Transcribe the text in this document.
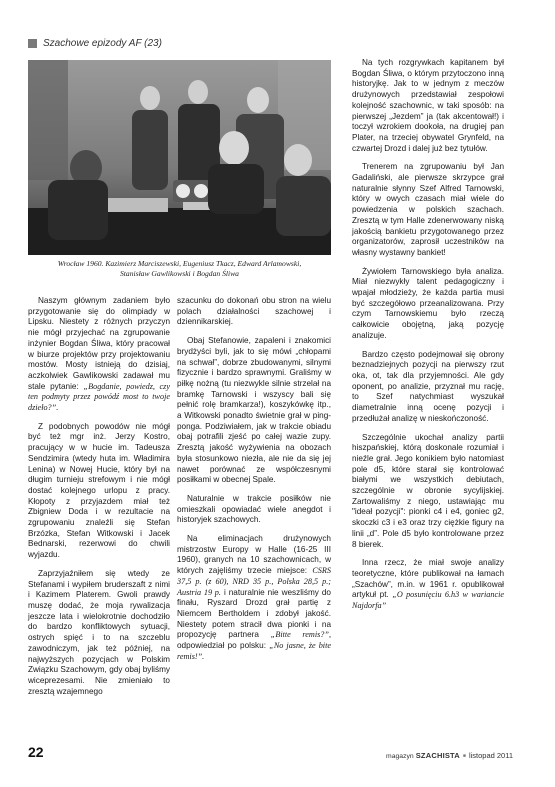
Szachowe epizody AF (23)
Wrocław 1960. Kazimierz Marciszewski, Eugeniusz Tkacz, Edward Arlamowski,
Stanisław Gawlikowski i Bogdan Śliwa

Naszym głównym zadaniem było przygotowanie się do olimpiady w Lipsku. Niestety z różnych przyczyn nie mógł przyjechać na zgrupowanie inżynier Bogdan Śliwa, który pracował w biurze projektów przy projektowaniu mostów. Mosty istnieją do dzisiaj, aczkolwiek Gawlikowski zadawał mu stale pytanie: „Bogdanie, powiedz, czy ten podmyty przez powódź most to twoje dzieło?”.

Z podobnych powodów nie mógł być też mgr inż. Jerzy Kostro, pracujący w w hucie im. Tadeusza Sendzimira (wtedy huta im. Władimira Lenina) w Nowej Hucie, który był na długim turnieju strefowym i nie mógł dostać kolejnego urlopu z pracy. Kłopoty z przyjazdem miał też Zbigniew Doda i w rezultacie na zgrupowaniu znaleźli się Stefan Brzózka, Stefan Witkowski i Jacek Bednarski, rezerwowi do chwili wyjazdu.

Zaprzyjaźniłem się wtedy ze Stefanami i wypiłem bruderszaft z nimi i Kazimem Platerem. Gwoli prawdy muszę dodać, że moja rywalizacja jeszcze lata i wielokrotnie dochodziło do bardzo konfliktowych sytuacji, ostrych spięć i to na szczeblu zawodniczym, jak też później, na najwyższych pozycjach w Polskim Związku Szachowym, gdy obaj byliśmy wiceprezesami. Nie zmieniało to zresztą wzajemnego

szacunku do dokonań obu stron na wielu polach działalności szachowej i dziennikarskiej.

Obaj Stefanowie, zapaleni i znakomici brydżyści byli, jak to się mówi „chłopami na schwał”, dobrze zbudowanymi, silnymi fizycznie i bardzo sprawnymi. Graliśmy w piłkę nożną (tu niezwykle silnie strzelał na bramkę Tarnowski i wszyscy bali się pełnić rolę bramkarza!), koszykówkę itp., a Witkowski ponadto świetnie grał w ping-ponga. Podziwiałem, jak w trakcie obiadu obaj potrafili zjeść po całej wazie zupy. Zresztą jakość wyżywienia na obozach była stosunkowo niezła, ale nie da się jej nawet porównać ze współczesnymi posiłkami w obecnej Spale.

Naturalnie w trakcie posiłków nie omieszkali opowiadać wiele anegdot i historyjek szachowych.

Na eliminacjach drużynowych mistrzostw Europy w Halle (16-25 III 1960), granych na 10 szachownicach, w których zajęliśmy trzecie miejsce: CSRS 37,5 p. (z 60), NRD 35 p., Polska 28,5 p.; Austria 19 p. i naturalnie nie weszliśmy do finału, Ryszard Drozd grał partię z Niemcem Bertholdem i zdobył jakość. Niestety potem stracił dwa pionki i na propozycję partnera „Bitte remis?”, odpowiedział po polsku: „No jasne, że bite remis!”.

Na tych rozgrywkach kapitanem był Bogdan Śliwa, o którym przytoczono inną historyjkę. Jak to w jednym z meczów drużynowych przedstawiał zespołowi kolejność szachownic, w taki sposób: na pierwszej „Jezdem” ja (tak akcentował!) i toczył wzrokiem dookoła, na drugiej pan Plater, na trzeciej obywatel Grynfeld, na czwartej Drozd i dalej już bez tytułów.

Trenerem na zgrupowaniu był Jan Gadaliński, ale pierwsze skrzypce grał naturalnie słynny Szef Alfred Tarnowski, który w owych czasach miał wiele do powiedzenia w polskich szachach. Zresztą w tym Halle zdenerwowany niską jakością bankietu przygotowanego przez organizatorów, zaprosił uczestników na własny wystawny bankiet!

Żywiołem Tarnowskiego była analiza. Miał niezwykły talent pedagogiczny i wpajał młodzieży, że każda partia musi być szczegółowo przeanalizowana. Przy czym Tarnowskiemu było rzeczą całkowicie obojętną, jaką pozycję analizuje.

Bardzo często podejmował się obrony beznadziejnych pozycji na pierwszy rzut oka, ot, tak dla przyjemności. Ale gdy oponent, po analizie, przyznał mu rację, to Szef natychmiast wyszukał diametralnie inną ocenę pozycji i przedłużał analizę w nieskończoność.

Szczególnie ukochał analizy partii hiszpańskiej, którą doskonale rozumiał i nieźle grał. Jego konikiem było natomiast pole d5, które starał się kontrolować białymi we wszystkich debiutach, szczególnie w obronie sycylijskiej. Zartowaliśmy z niego, ustawiając mu "ideał pozycji": pionki c4 i e4, goniec g2, skoczki c3 i e3 oraz trzy ciężkie figury na linii „d”. Pole d5 było kontrolowane przez 8 bierek.

Inna rzecz, że miał swoje analizy teoretyczne, które publikował na łamach „Szachów”, m.in. w 1961 r. opublikował artykuł pt. „O posunięciu 6.h3 w wariancie Najdorfa”

22	magazyn SZACHISTA ■ listopad 2011
